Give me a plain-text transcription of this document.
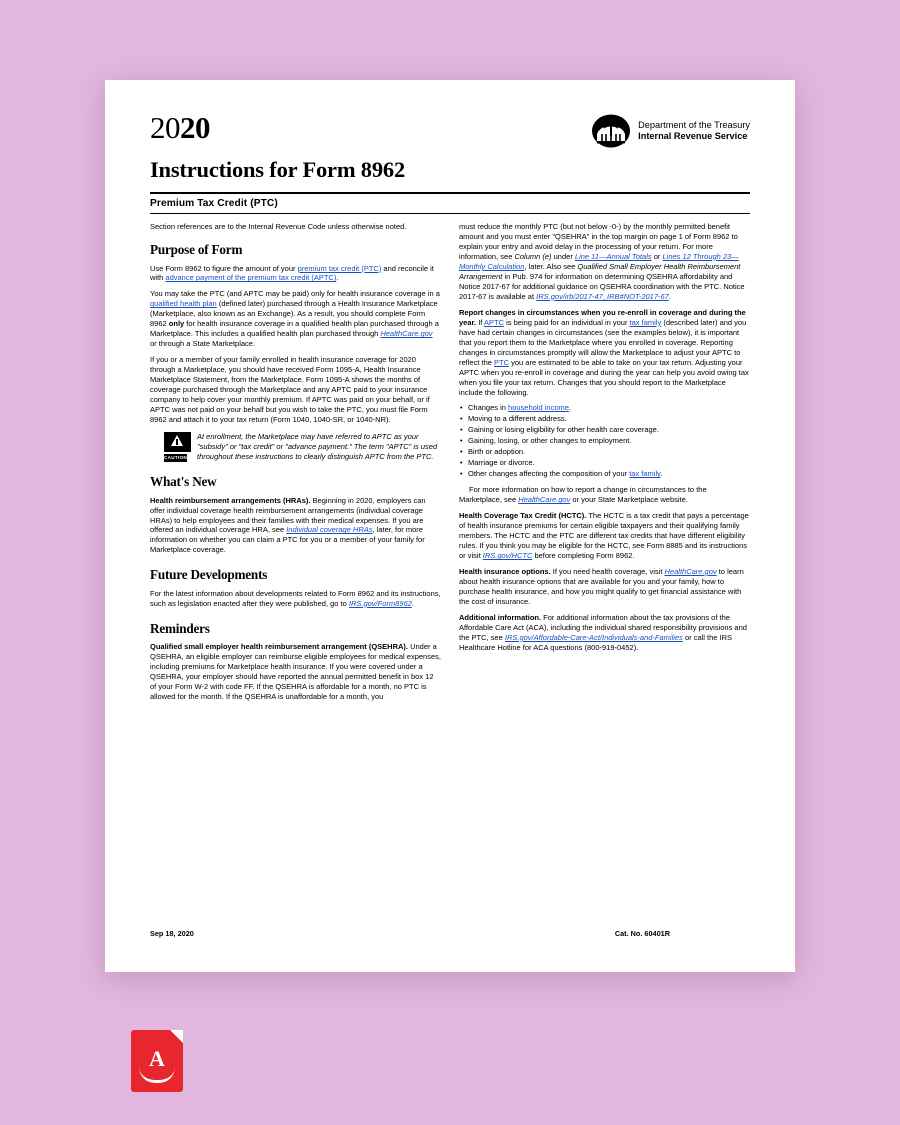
2020	Department of the Treasury
Internal Revenue Service
Instructions for Form 8962
Premium Tax Credit (PTC)

Section references are to the Internal Revenue Code unless otherwise noted.

Purpose of Form

Use Form 8962 to figure the amount of your premium tax credit (PTC) and reconcile it with advance payment of the premium tax credit (APTC).

You may take the PTC (and APTC may be paid) only for health insurance coverage in a qualified health plan (defined later) purchased through a Health Insurance Marketplace (Marketplace, also known as an Exchange). As a result, you should complete Form 8962 only for health insurance coverage in a qualified health plan purchased through a Marketplace. This includes a qualified health plan purchased through HealthCare.gov or through a State Marketplace.

If you or a member of your family enrolled in health insurance coverage for 2020 through a Marketplace, you should have received Form 1095-A, Health Insurance Marketplace Statement, from the Marketplace. Form 1095-A shows the months of coverage purchased through the Marketplace and any APTC paid to your insurance company to help cover your monthly premium. If APTC was paid on your behalf, or if APTC was not paid on your behalf but you wish to take the PTC, you must file Form 8962 and attach it to your tax return (Form 1040, 1040-SR, or 1040-NR).

CAUTION
At enrollment, the Marketplace may have referred to APTC as your "subsidy" or "tax credit" or "advance payment." The term "APTC" is used throughout these instructions to clearly distinguish APTC from the PTC.
What's New

Health reimbursement arrangements (HRAs). Beginning in 2020, employers can offer individual coverage health reimbursement arrangements (individual coverage HRAs) to help employees and their families with their medical expenses. If you are offered an individual coverage HRA, see Individual coverage HRAs, later, for more information on whether you can claim a PTC for you or a member of your family for Marketplace coverage.

Future Developments

For the latest information about developments related to Form 8962 and its instructions, such as legislation enacted after they were published, go to IRS.gov/Form8962.

Reminders

Qualified small employer health reimbursement arrangement (QSEHRA). Under a QSEHRA, an eligible employer can reimburse eligible employees for medical expenses, including premiums for Marketplace health insurance. If you were covered under a QSEHRA, your employer should have reported the annual permitted benefit in box 12 of your Form W-2 with code FF. If the QSEHRA is affordable for a month, no PTC is allowed for the month. If the QSEHRA is unaffordable for a month, you

must reduce the monthly PTC (but not below -0-) by the monthly permitted benefit amount and you must enter "QSEHRA" in the top margin on page 1 of Form 8962 to explain your entry and avoid delay in the processing of your return. For more information, see Column (e) under Line 11—Annual Totals or Lines 12 Through 23—Monthly Calculation, later. Also see Qualified Small Employer Health Reimbursement Arrangement in Pub. 974 for information on determining QSEHRA affordability and Notice 2017-67 for additional guidance on QSEHRA coordination with the PTC. Notice 2017-67 is available at IRS.gov/irb/2017-47_IRB#NOT-2017-67.

Report changes in circumstances when you re-enroll in coverage and during the year. If APTC is being paid for an individual in your tax family (described later) and you have had certain changes in circumstances (see the examples below), it is important that you report them to the Marketplace where you enrolled in coverage. Reporting changes in circumstances promptly will allow the Marketplace to adjust your APTC to reflect the PTC you are estimated to be able to take on your tax return. Adjusting your APTC when you re-enroll in coverage and during the year can help you avoid owing tax when you file your tax return. Changes that you should report to the Marketplace include the following.

• Changes in household income.
• Moving to a different address.
• Gaining or losing eligibility for other health care coverage.
• Gaining, losing, or other changes to employment.
• Birth or adoption.
• Marriage or divorce.
• Other changes affecting the composition of your tax family.

For more information on how to report a change in circumstances to the Marketplace, see HealthCare.gov or your State Marketplace website.

Health Coverage Tax Credit (HCTC). The HCTC is a tax credit that pays a percentage of health insurance premiums for certain eligible taxpayers and their qualifying family members. The HCTC and the PTC are different tax credits that have different eligibility rules. If you think you may be eligible for the HCTC, see Form 8885 and its instructions or visit IRS.gov/HCTC before completing Form 8962.

Health insurance options. If you need health coverage, visit HealthCare.gov to learn about health insurance options that are available for you and your family, how to purchase health insurance, and how you might qualify to get financial assistance with the cost of insurance.

Additional information. For additional information about the tax provisions of the Affordable Care Act (ACA), including the individual shared responsibility provisions and the PTC, see IRS.gov/Affordable-Care-Act/Individuals-and-Families or call the IRS Healthcare Hotline for ACA questions (800-919-0452).

Sep 18, 2020	Cat. No. 60401R
A
